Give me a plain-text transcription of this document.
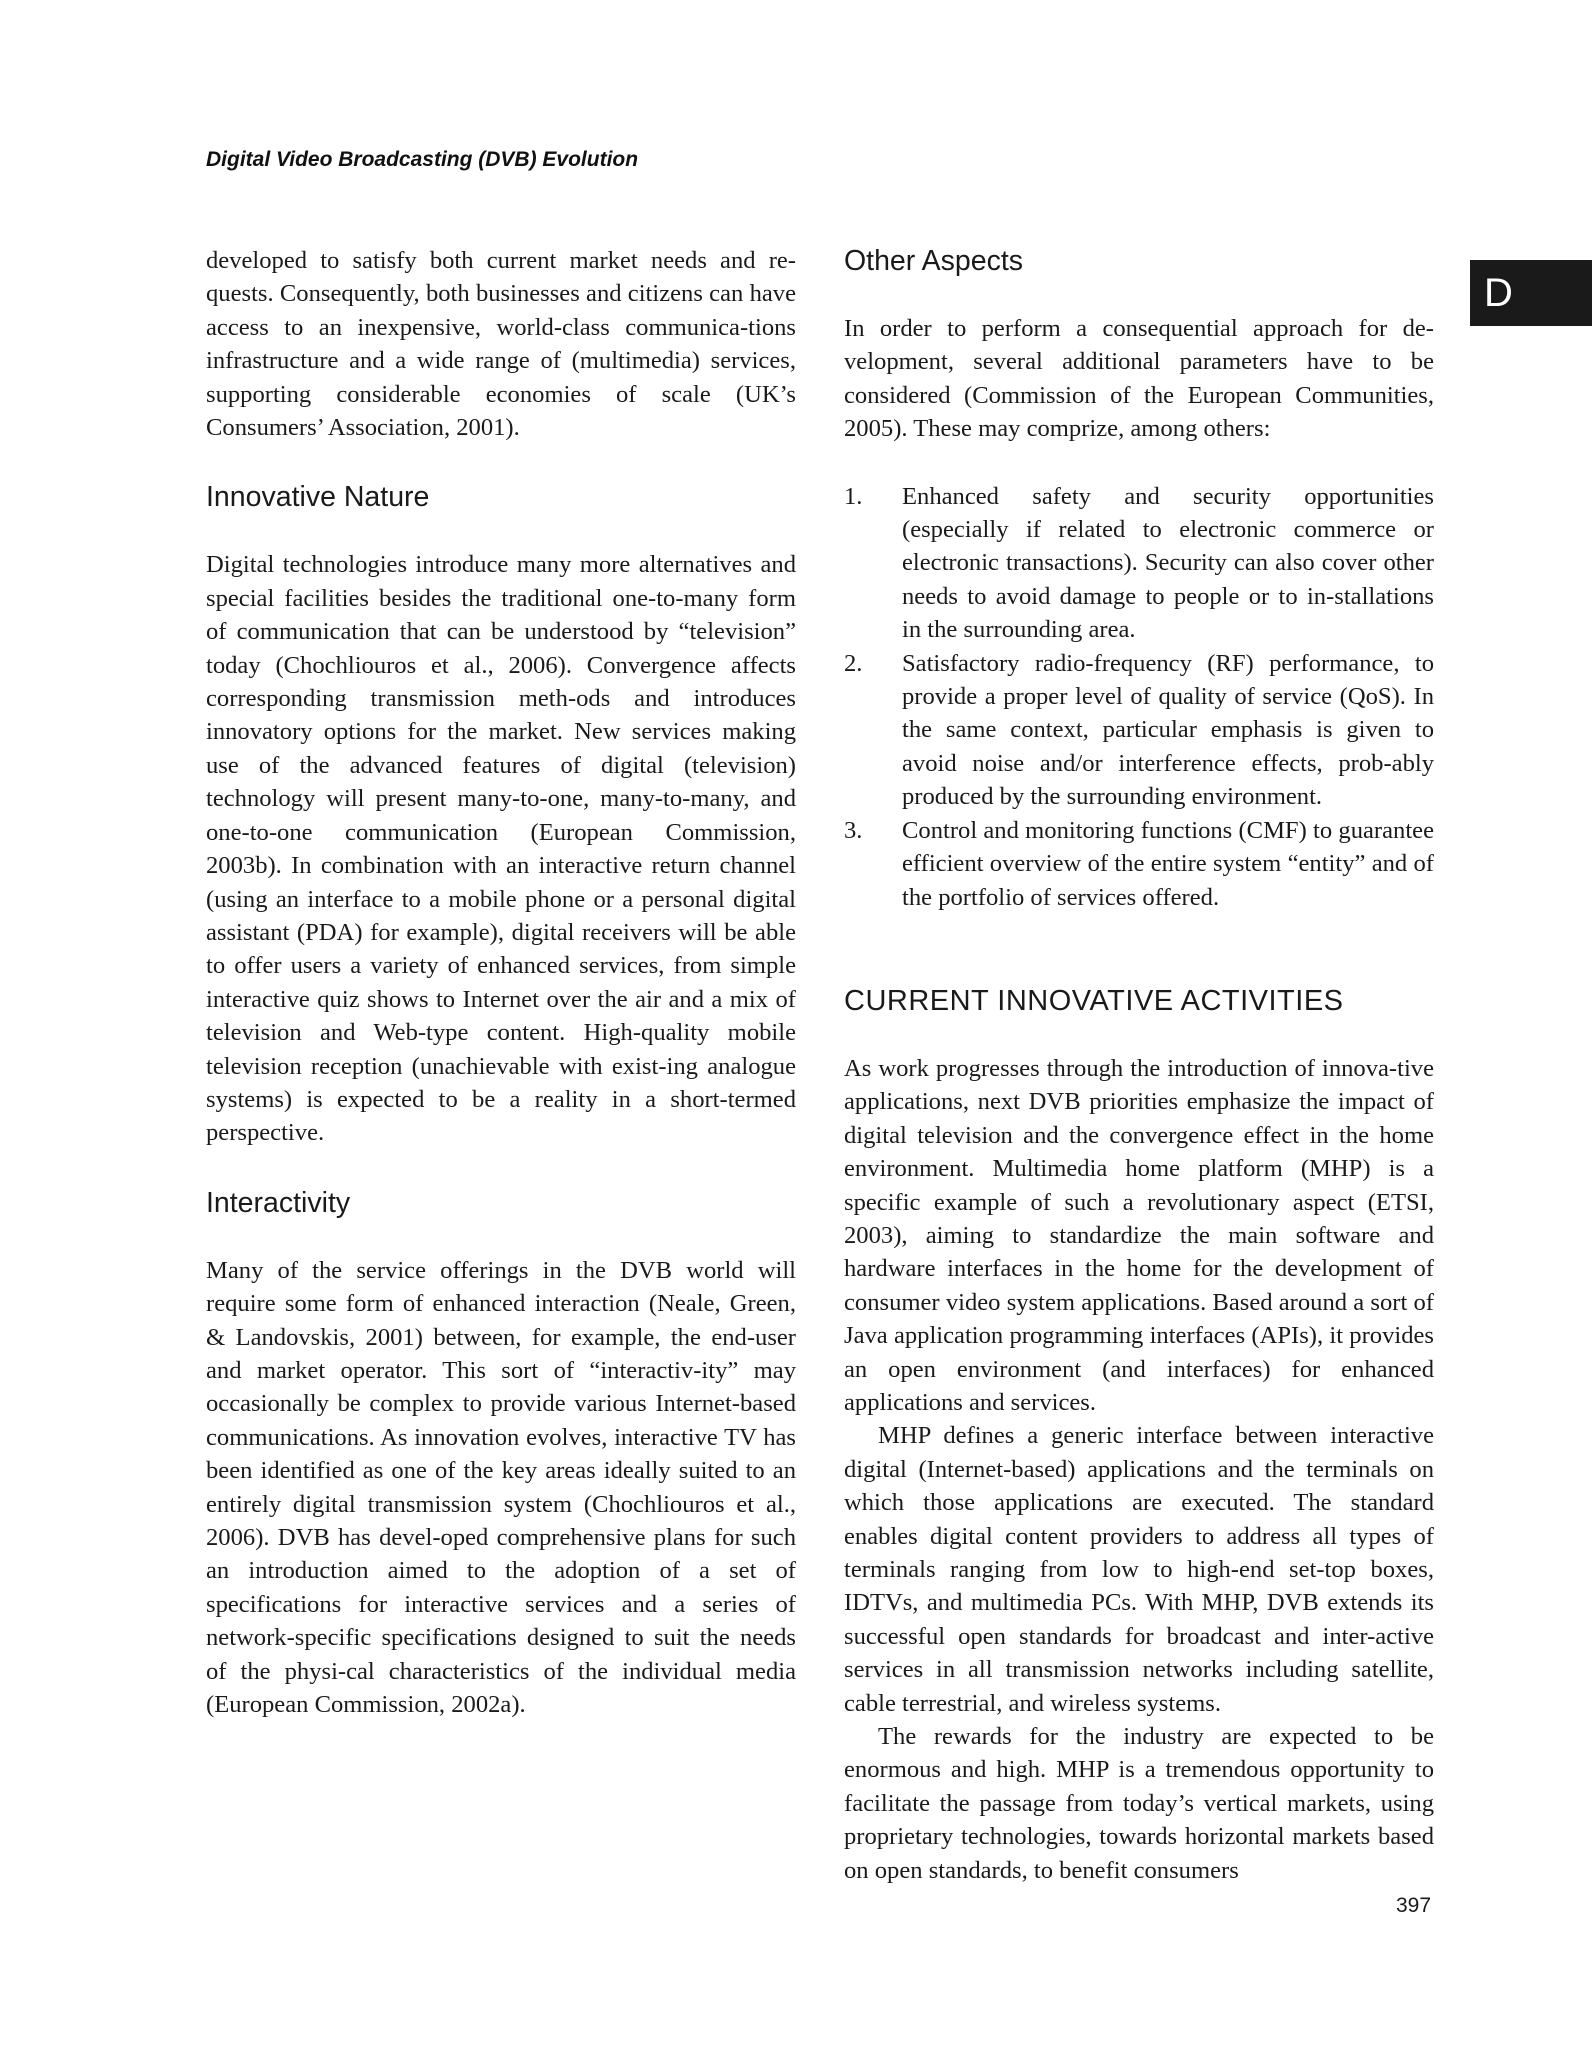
Digital Video Broadcasting (DVB) Evolution
D

developed to satisfy both current market needs and re-quests. Consequently, both businesses and citizens can have access to an inexpensive, world-class communica-tions infrastructure and a wide range of (multimedia) services, supporting considerable economies of scale (UK’s Consumers’ Association, 2001).

Innovative Nature

Digital technologies introduce many more alternatives and special facilities besides the traditional one-to-many form of communication that can be understood by “television” today (Chochliouros et al., 2006). Convergence affects corresponding transmission meth-ods and introduces innovatory options for the market. New services making use of the advanced features of digital (television) technology will present many-to-one, many-to-many, and one-to-one communication (European Commission, 2003b). In combination with an interactive return channel (using an interface to a mobile phone or a personal digital assistant (PDA) for example), digital receivers will be able to offer users a variety of enhanced services, from simple interactive quiz shows to Internet over the air and a mix of television and Web-type content. High-quality mobile television reception (unachievable with exist-ing analogue systems) is expected to be a reality in a short-termed perspective.

Interactivity

Many of the service offerings in the DVB world will require some form of enhanced interaction (Neale, Green, & Landovskis, 2001) between, for example, the end-user and market operator. This sort of “interactiv-ity” may occasionally be complex to provide various Internet-based communications. As innovation evolves, interactive TV has been identified as one of the key areas ideally suited to an entirely digital transmission system (Chochliouros et al., 2006). DVB has devel-oped comprehensive plans for such an introduction aimed to the adoption of a set of specifications for interactive services and a series of network-specific specifications designed to suit the needs of the physi-cal characteristics of the individual media (European Commission, 2002a).

Other Aspects

In order to perform a consequential approach for de-velopment, several additional parameters have to be considered (Commission of the European Communities, 2005). These may comprize, among others:

1. Enhanced safety and security opportunities (especially if related to electronic commerce or electronic transactions). Security can also cover other needs to avoid damage to people or to in-stallations in the surrounding area.

2. Satisfactory radio-frequency (RF) performance, to provide a proper level of quality of service (QoS). In the same context, particular emphasis is given to avoid noise and/or interference effects, prob-ably produced by the surrounding environment.

3. Control and monitoring functions (CMF) to guarantee efficient overview of the entire system “entity” and of the portfolio of services offered.

CURRENT INNOVATIVE ACTIVITIES

As work progresses through the introduction of innova-tive applications, next DVB priorities emphasize the impact of digital television and the convergence effect in the home environment. Multimedia home platform (MHP) is a specific example of such a revolutionary aspect (ETSI, 2003), aiming to standardize the main software and hardware interfaces in the home for the development of consumer video system applications. Based around a sort of Java application programming interfaces (APIs), it provides an open environment (and interfaces) for enhanced applications and services.

MHP defines a generic interface between interactive digital (Internet-based) applications and the terminals on which those applications are executed. The standard enables digital content providers to address all types of terminals ranging from low to high-end set-top boxes, IDTVs, and multimedia PCs. With MHP, DVB extends its successful open standards for broadcast and inter-active services in all transmission networks including satellite, cable terrestrial, and wireless systems.

The rewards for the industry are expected to be enormous and high. MHP is a tremendous opportunity to facilitate the passage from today’s vertical markets, using proprietary technologies, towards horizontal markets based on open standards, to benefit consumers

397
